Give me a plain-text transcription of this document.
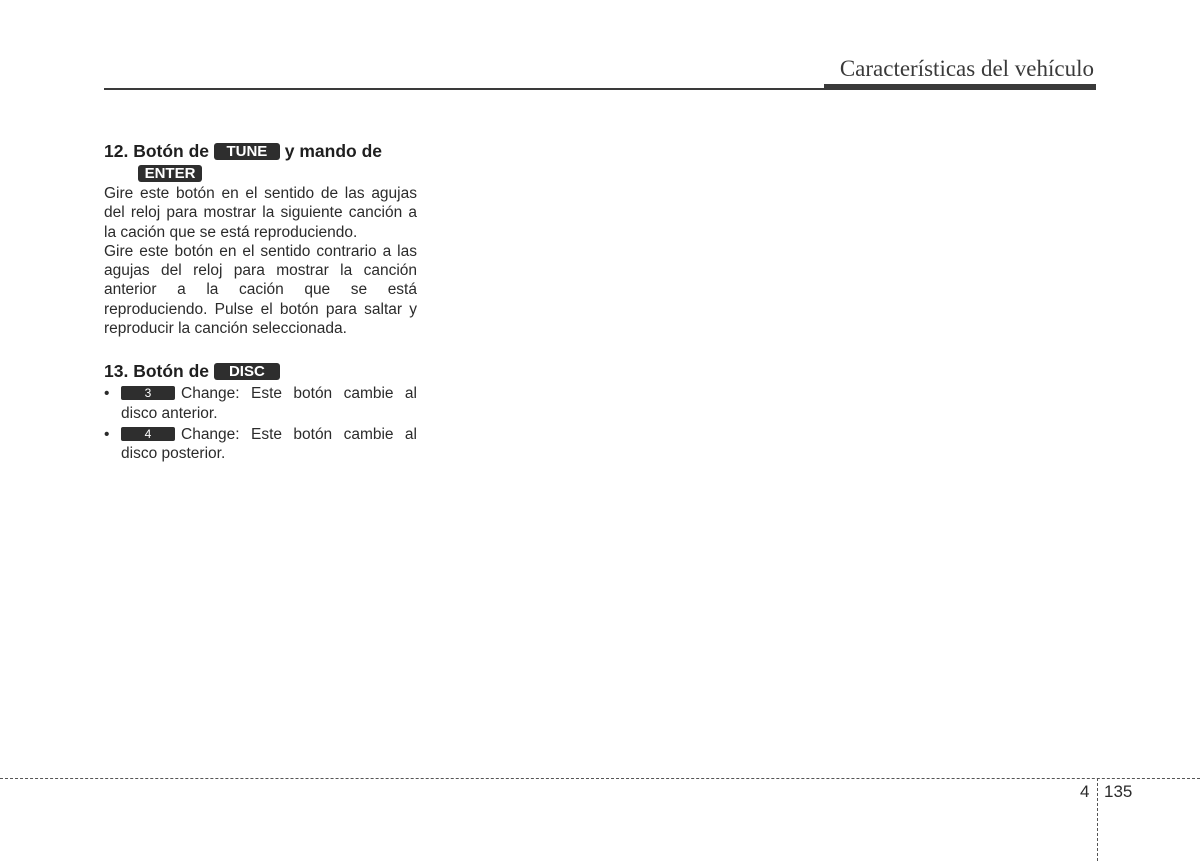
Características del vehículo
12. Botón de TUNE y mando de
ENTER

Gire este botón en el sentido de las agujas del reloj para mostrar la siguiente canción a la cación que se está reproduciendo.

Gire este botón en el sentido contrario a las agujas del reloj para mostrar la canción anterior a la cación que se está reproduciendo. Pulse el botón para saltar y reproducir la canción seleccionada.

13. Botón de DISC
•	3 Change: Este botón cambie al disco anterior.
•	4 Change: Este botón cambie al disco posterior.
4 135
